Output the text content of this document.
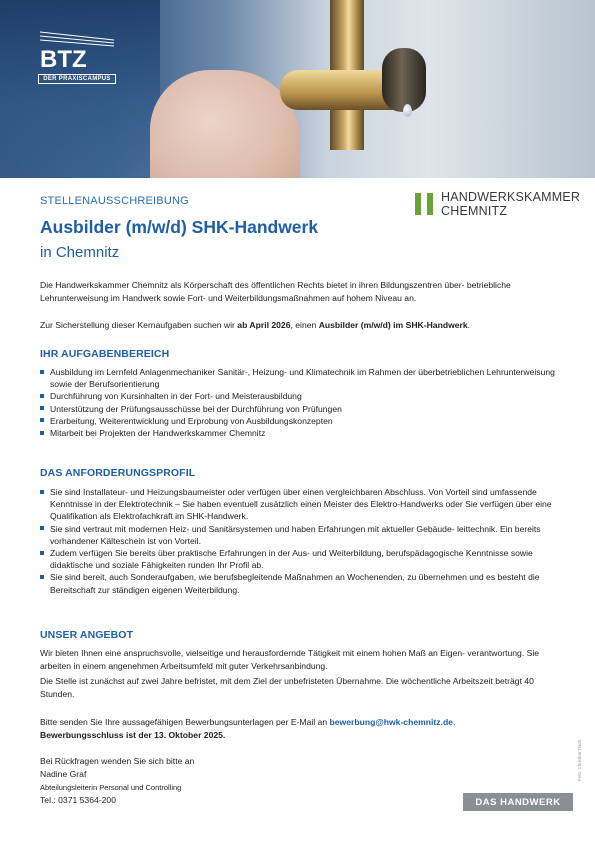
BTZ
DER PRAXISCAMPUS
HANDWERKSKAMMER
CHEMNITZ

STELLENAUSSCHREIBUNG

Ausbilder (m/w/d) SHK-Handwerk

in Chemnitz

Die Handwerkskammer Chemnitz als Körperschaft des öffentlichen Rechts bietet in ihren Bildungszentren über- betriebliche Lehrunterweisung im Handwerk sowie Fort- und Weiterbildungsmaßnahmen auf hohem Niveau an.

Zur Sicherstellung dieser Kernaufgaben suchen wir ab April 2026, einen Ausbilder (m/w/d) im SHK-Handwerk.

IHR AUFGABENBEREICH

Ausbildung im Lernfeld Anlagenmechaniker Sanitär-, Heizung- und Klimatechnik im Rahmen der überbetrieblichen Lehrunterweisung sowie der Berufsorientierung
Durchführung von Kursinhalten in der Fort- und Meisterausbildung
Unterstützung der Prüfungsausschüsse bei der Durchführung von Prüfungen
Erarbeitung, Weiterentwicklung und Erprobung von Ausbildungskonzepten
Mitarbeit bei Projekten der Handwerkskammer Chemnitz

DAS ANFORDERUNGSPROFIL

Sie sind Installateur- und Heizungsbaumeister oder verfügen über einen vergleichbaren Abschluss. Von Vorteil sind umfassende Kenntnisse in der Elektrotechnik – Sie haben eventuell zusätzlich einen Meister des Elektro-Handwerks oder Sie verfügen über eine Qualifikation als Elektrofachkraft im SHK-Handwerk.
Sie sind vertraut mit modernen Heiz- und Sanitärsystemen und haben Erfahrungen mit aktueller Gebäude- leittechnik. Ein bereits vorhandener Kälteschein ist von Vorteil.
Zudem verfügen Sie bereits über praktische Erfahrungen in der Aus- und Weiterbildung, berufspädagogische Kenntnisse sowie didaktische und soziale Fähigkeiten runden Ihr Profil ab.
Sie sind bereit, auch Sonderaufgaben, wie berufsbegleitende Maßnahmen an Wochenenden, zu übernehmen und es besteht die Bereitschaft zur ständigen eigenen Weiterbildung.

UNSER ANGEBOT

Wir bieten Ihnen eine anspruchsvolle, vielseitige und herausfordernde Tätigkeit mit einem hohen Maß an Eigen- verantwortung. Sie arbeiten in einem angenehmen Arbeitsumfeld mit guter Verkehrsanbindung.

Die Stelle ist zunächst auf zwei Jahre befristet, mit dem Ziel der unbefristeten Übernahme. Die wöchentliche Arbeitszeit beträgt 40 Stunden.

Bitte senden Sie Ihre aussagefähigen Bewerbungsunterlagen per E-Mail an bewerbung@hwk-chemnitz.de.
Bewerbungsschluss ist der 13. Oktober 2025.

Bei Rückfragen wenden Sie sich bitte an
Nadine Graf
Abteilungsleiterin Personal und Controlling
Tel.: 0371 5364-200

Foto: Christian Tisch
DAS HANDWERK
